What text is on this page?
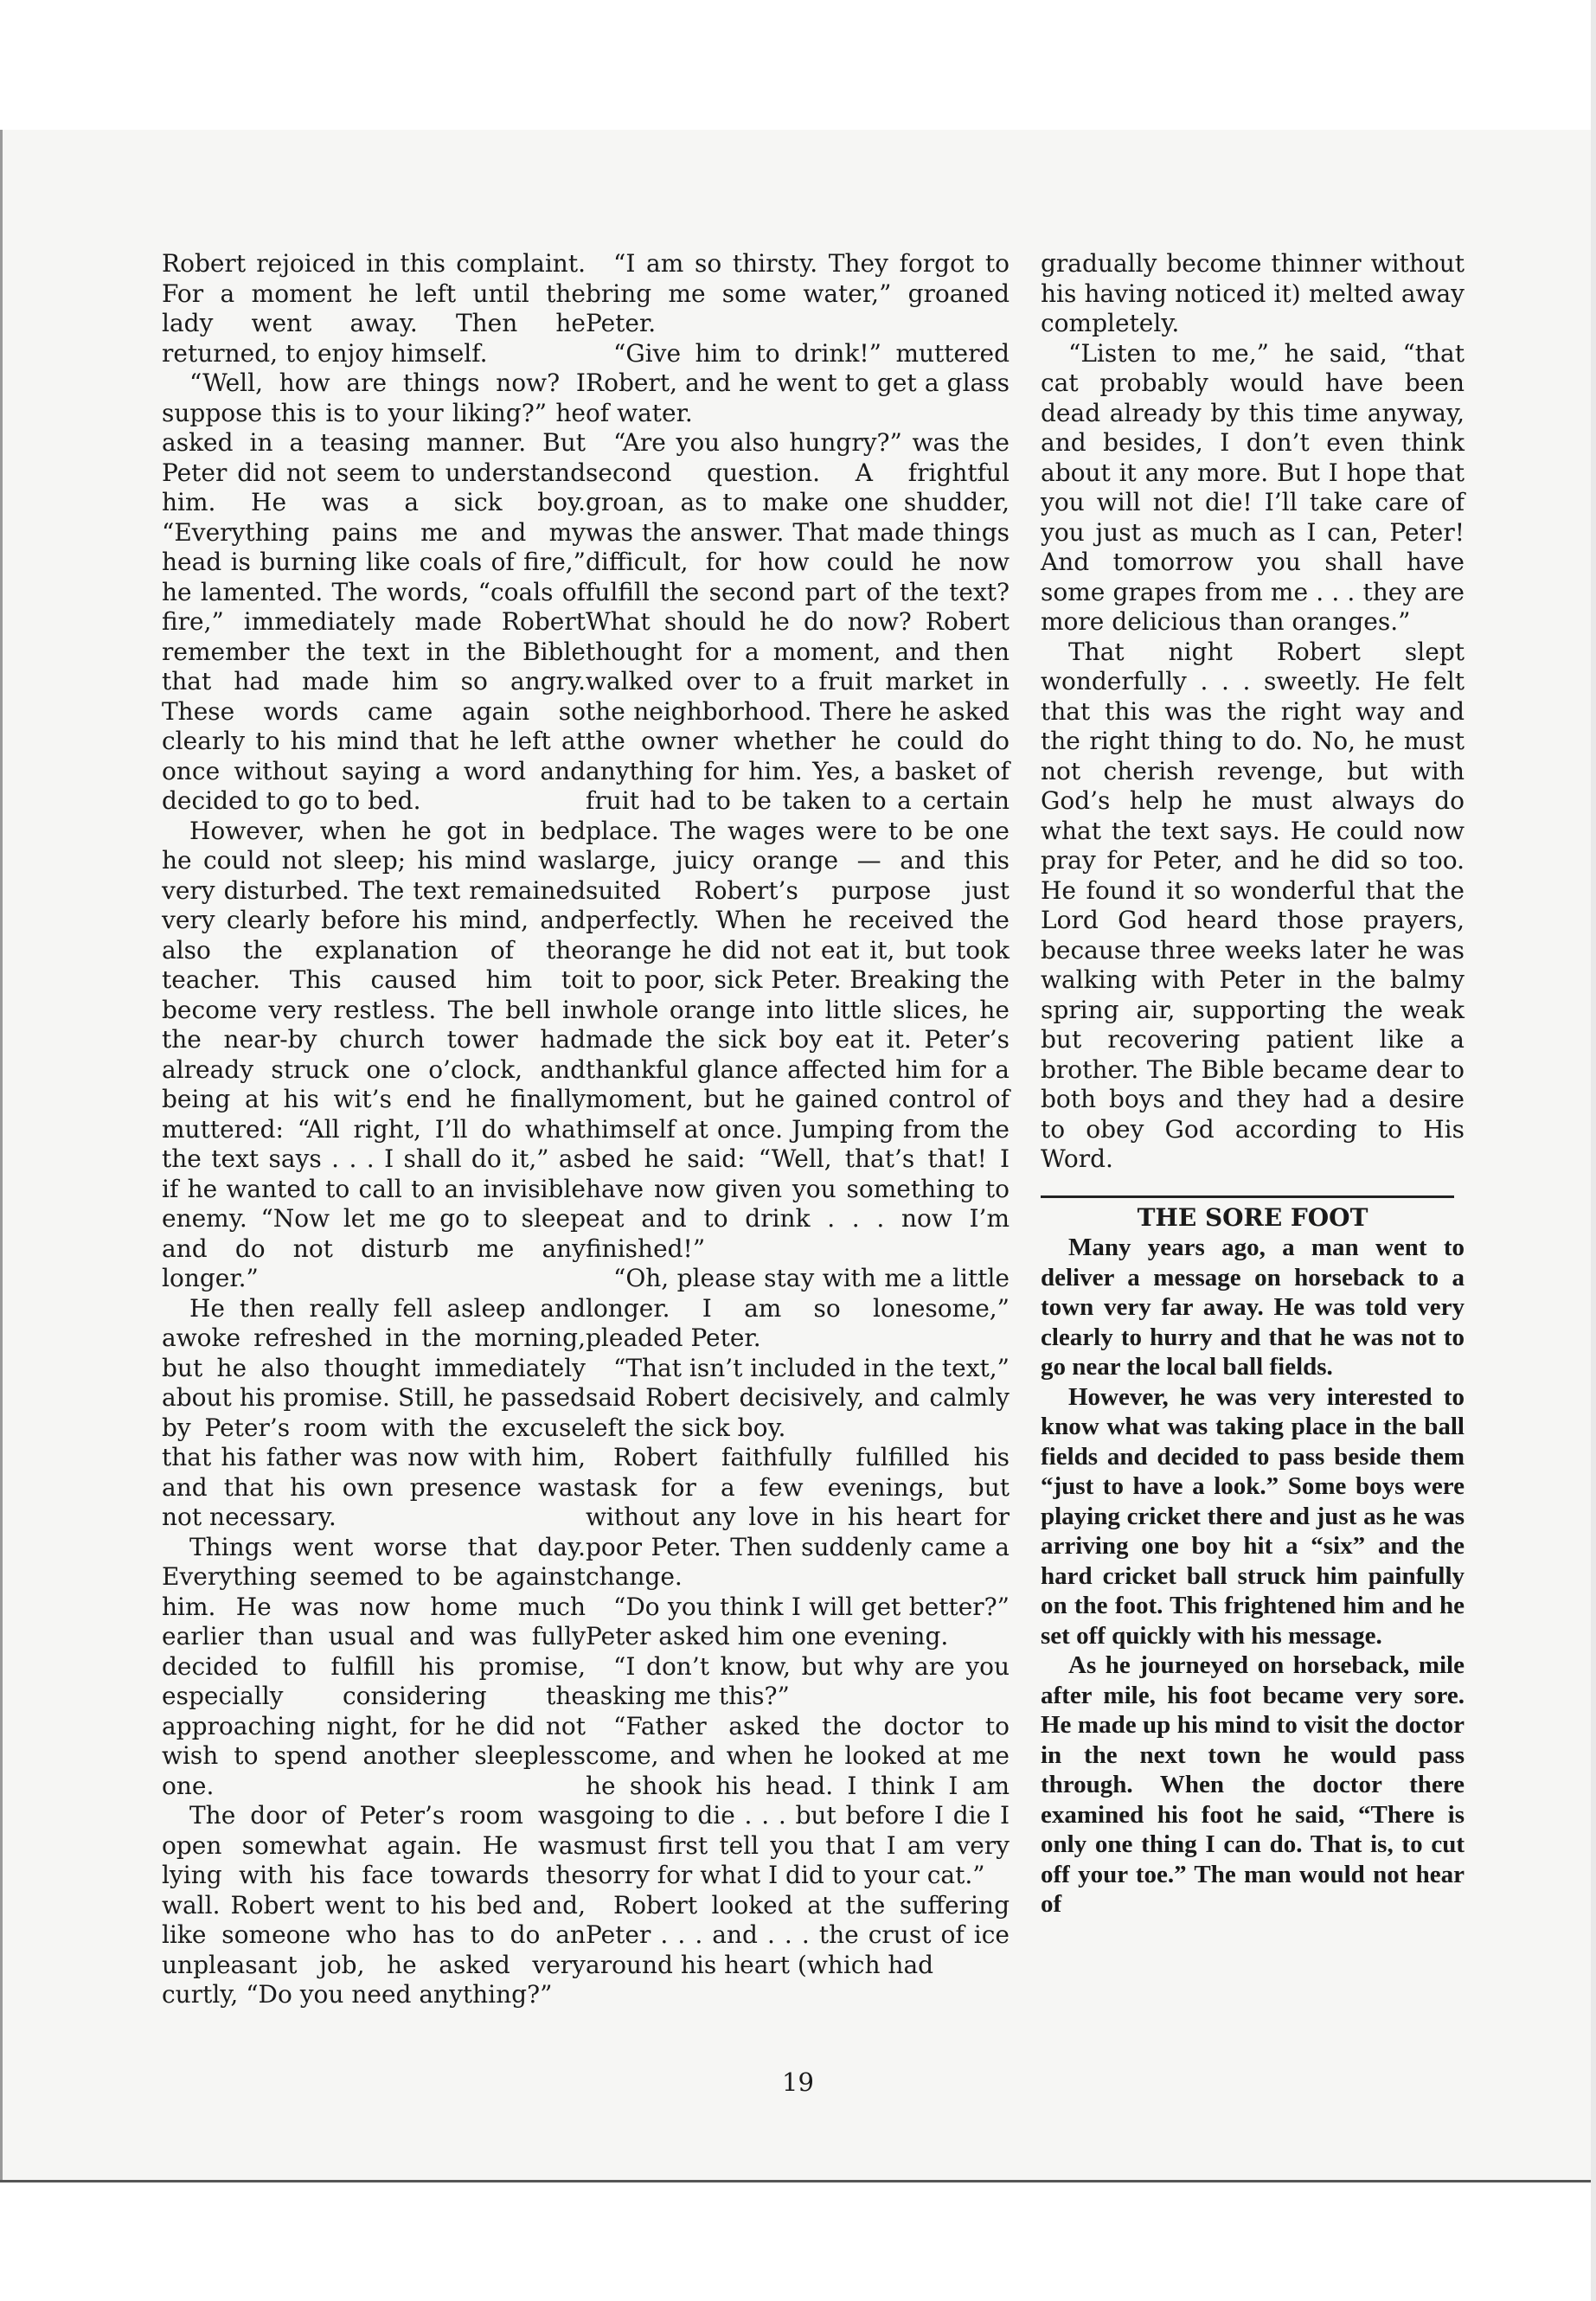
Robert rejoiced in this complaint. For a moment he left until the lady went away. Then he returned, to enjoy himself.

“Well, how are things now? I suppose this is to your liking?” he asked in a teasing manner. But Peter did not seem to understand him. He was a sick boy. “Everything pains me and my head is burning like coals of fire,” he lamented. The words, “coals of fire,” immediately made Robert remember the text in the Bible that had made him so angry. These words came again so clearly to his mind that he left at once without saying a word and decided to go to bed.

However, when he got in bed he could not sleep; his mind was very disturbed. The text remained very clearly before his mind, and also the explanation of the teacher. This caused him to become very restless. The bell in the near-by church tower had already struck one o’clock, and being at his wit’s end he finally muttered: “All right, I’ll do what the text says . . . I shall do it,” as if he wanted to call to an invisible enemy. “Now let me go to sleep and do not disturb me any longer.”

He then really fell asleep and awoke refreshed in the morning, but he also thought immediately about his promise. Still, he passed by Peter’s room with the excuse that his father was now with him, and that his own presence was not necessary.

Things went worse that day. Everything seemed to be against him. He was now home much earlier than usual and was fully decided to fulfill his promise, especially considering the approaching night, for he did not wish to spend another sleepless one.

The door of Peter’s room was open somewhat again. He was lying with his face towards the wall. Robert went to his bed and, like someone who has to do an unpleasant job, he asked very curtly, “Do you need anything?”

“I am so thirsty. They forgot to bring me some water,” groaned Peter.

“Give him to drink!” muttered Robert, and he went to get a glass of water.

“Are you also hungry?” was the second question. A frightful groan, as to make one shudder, was the answer. That made things difficult, for how could he now fulfill the second part of the text? What should he do now? Robert thought for a moment, and then walked over to a fruit market in the neighborhood. There he asked the owner whether he could do anything for him. Yes, a basket of fruit had to be taken to a certain place. The wages were to be one large, juicy orange — and this suited Robert’s purpose just perfectly. When he received the orange he did not eat it, but took it to poor, sick Peter. Breaking the whole orange into little slices, he made the sick boy eat it. Peter’s thankful glance affected him for a moment, but he gained control of himself at once. Jumping from the bed he said: “Well, that’s that! I have now given you something to eat and to drink . . . now I’m finished!”

“Oh, please stay with me a little longer. I am so lonesome,” pleaded Peter.

“That isn’t included in the text,” said Robert decisively, and calmly left the sick boy.

Robert faithfully fulfilled his task for a few evenings, but without any love in his heart for poor Peter. Then suddenly came a change.

“Do you think I will get better?” Peter asked him one evening.

“I don’t know, but why are you asking me this?”

“Father asked the doctor to come, and when he looked at me he shook his head. I think I am going to die . . . but before I die I must first tell you that I am very sorry for what I did to your cat.”

Robert looked at the suffering Peter . . . and . . . the crust of ice around his heart (which had

gradually become thinner without his having noticed it) melted away completely.

“Listen to me,” he said, “that cat probably would have been dead already by this time anyway, and besides, I don’t even think about it any more. But I hope that you will not die! I’ll take care of you just as much as I can, Peter! And tomorrow you shall have some grapes from me . . . they are more delicious than oranges.”

That night Robert slept wonderfully . . . sweetly. He felt that this was the right way and the right thing to do. No, he must not cherish revenge, but with God’s help he must always do what the text says. He could now pray for Peter, and he did so too. He found it so wonderful that the Lord God heard those prayers, because three weeks later he was walking with Peter in the balmy spring air, supporting the weak but recovering patient like a brother. The Bible became dear to both boys and they had a desire to obey God according to His Word.

THE SORE FOOT

Many years ago, a man went to deliver a message on horseback to a town very far away. He was told very clearly to hurry and that he was not to go near the local ball fields.

However, he was very interested to know what was taking place in the ball fields and decided to pass beside them “just to have a look.” Some boys were playing cricket there and just as he was arriving one boy hit a “six” and the hard cricket ball struck him painfully on the foot. This frightened him and he set off quickly with his message.

As he journeyed on horseback, mile after mile, his foot became very sore. He made up his mind to visit the doctor in the next town he would pass through. When the doctor there examined his foot he said, “There is only one thing I can do. That is, to cut off your toe.” The man would not hear of

19
